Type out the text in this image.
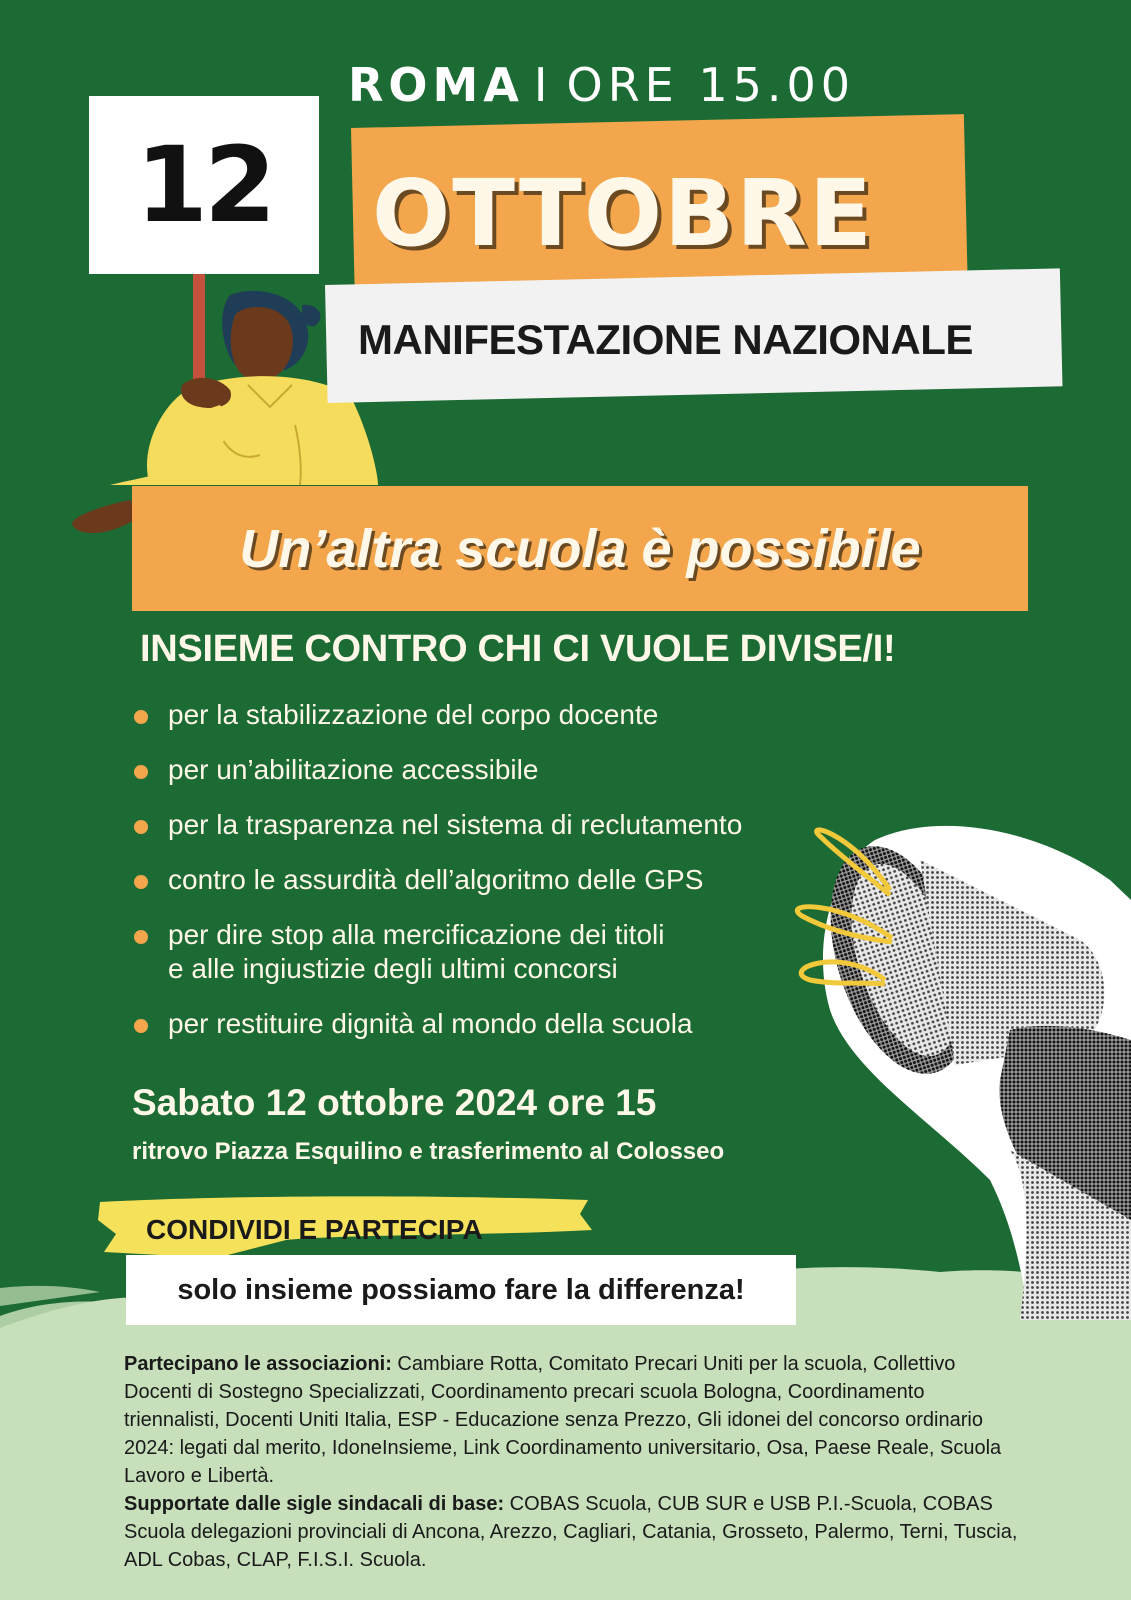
12
ROMA I ORE 15.00
OTTOBRE
MANIFESTAZIONE NAZIONALE
Un’altra scuola è possibile
INSIEME CONTRO CHI CI VUOLE DIVISE/I!
per la stabilizzazione del corpo docente
per un’abilitazione accessibile
per la trasparenza nel sistema di reclutamento
contro le assurdità dell’algoritmo delle GPS
per dire stop alla mercificazione dei titoli
e alle ingiustizie degli ultimi concorsi
per restituire dignità al mondo della scuola
Sabato 12 ottobre 2024 ore 15
ritrovo Piazza Esquilino e trasferimento al Colosseo
CONDIVIDI E PARTECIPA
solo insieme possiamo fare la differenza!

Partecipano le associazioni: Cambiare Rotta, Comitato Precari Uniti per la scuola, Collettivo Docenti di Sostegno Specializzati, Coordinamento precari scuola Bologna, Coordinamento triennalisti, Docenti Uniti Italia, ESP - Educazione senza Prezzo, Gli idonei del concorso ordinario 2024: legati dal merito, IdoneInsieme, Link Coordinamento universitario, Osa, Paese Reale, Scuola Lavoro e Libertà.

Supportate dalle sigle sindacali di base: COBAS Scuola, CUB SUR e USB P.I.-Scuola, COBAS Scuola delegazioni provinciali di Ancona, Arezzo, Cagliari, Catania, Grosseto, Palermo, Terni, Tuscia, ADL Cobas, CLAP, F.I.S.I. Scuola.
